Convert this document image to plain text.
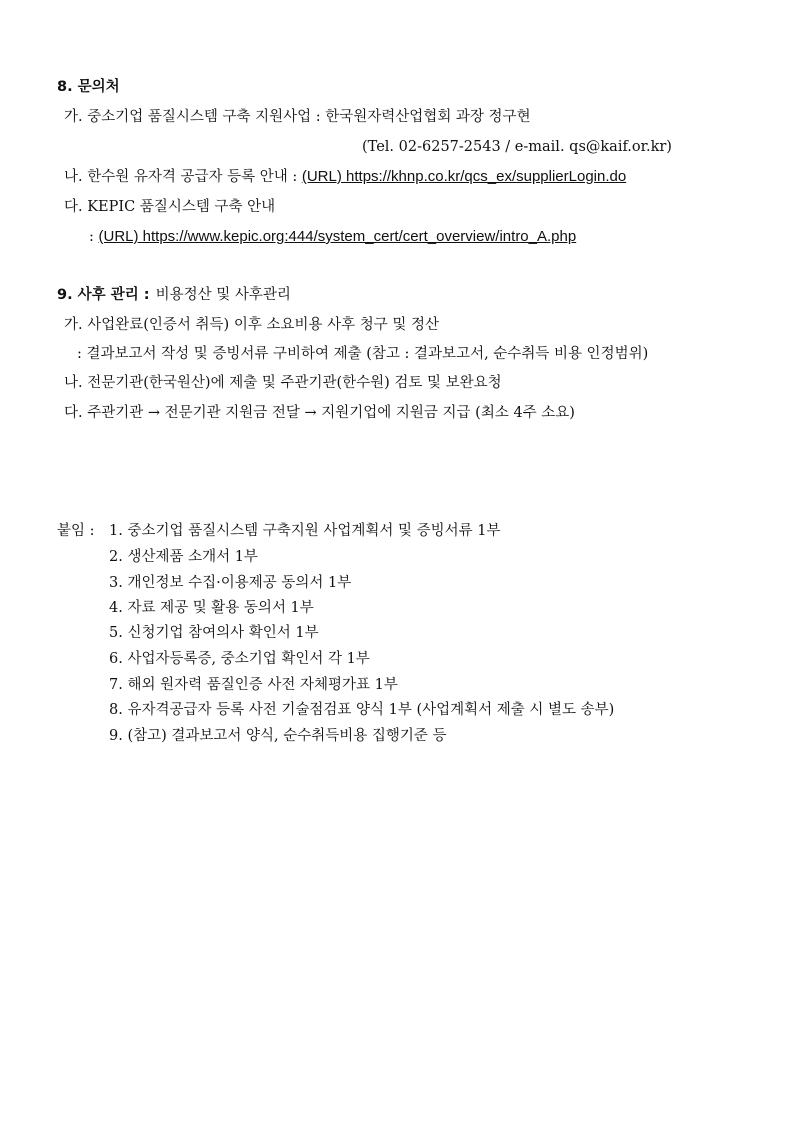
8. 문의처
가. 중소기업 품질시스템 구축 지원사업 : 한국원자력산업협회 과장 정구현
(Tel. 02-6257-2543 / e-mail. qs@kaif.or.kr)
나. 한수원 유자격 공급자 등록 안내 : (URL) https://khnp.co.kr/qcs_ex/supplierLogin.do
다. KEPIC 품질시스템 구축 안내
: (URL) https://www.kepic.org:444/system_cert/cert_overview/intro_A.php
9. 사후 관리 : 비용정산 및 사후관리
가. 사업완료(인증서 취득) 이후 소요비용 사후 청구 및 정산
: 결과보고서 작성 및 증빙서류 구비하여 제출 (참고 : 결과보고서, 순수취득 비용 인정범위)
나. 전문기관(한국원산)에 제출 및 주관기관(한수원) 검토 및 보완요청
다. 주관기관 → 전문기관 지원금 전달 → 지원기업에 지원금 지급 (최소 4주 소요)
붙임 : 1. 중소기업 품질시스템 구축지원 사업계획서 및 증빙서류 1부
2. 생산제품 소개서 1부
3. 개인정보 수집·이용제공 동의서 1부
4. 자료 제공 및 활용 동의서 1부
5. 신청기업 참여의사 확인서 1부
6. 사업자등록증, 중소기업 확인서 각 1부
7. 해외 원자력 품질인증 사전 자체평가표 1부
8. 유자격공급자 등록 사전 기술점검표 양식 1부 (사업계획서 제출 시 별도 송부)
9. (참고) 결과보고서 양식, 순수취득비용 집행기준 등
